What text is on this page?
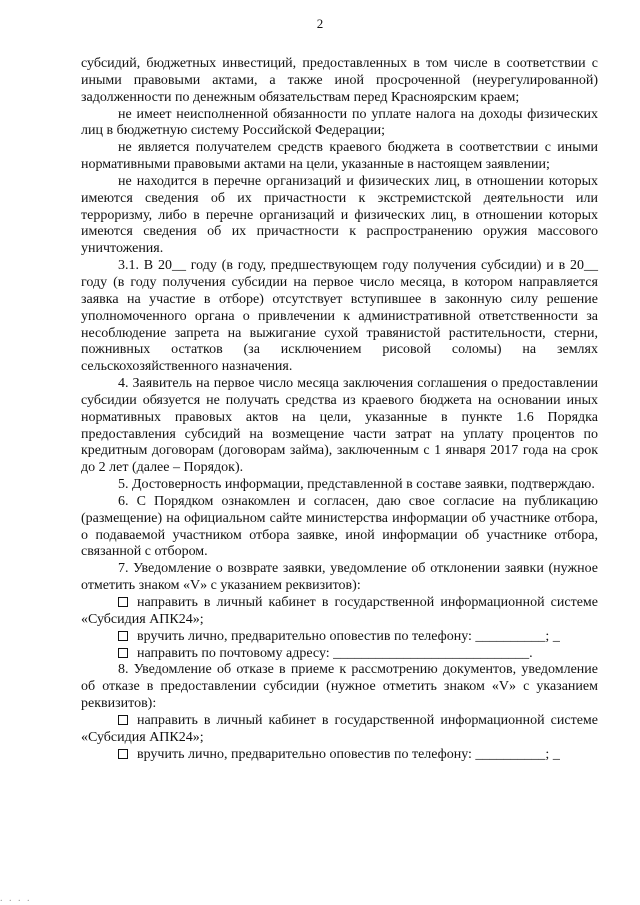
2

субсидий, бюджетных инвестиций, предоставленных в том числе в соответствии с иными правовыми актами, а также иной просроченной (неурегулированной) задолженности по денежным обязательствам перед Красноярским краем;

не имеет неисполненной обязанности по уплате налога на доходы физических лиц в бюджетную систему Российской Федерации;

не является получателем средств краевого бюджета в соответствии с иными нормативными правовыми актами на цели, указанные в настоящем заявлении;

не находится в перечне организаций и физических лиц, в отношении которых имеются сведения об их причастности к экстремистской деятельности или терроризму, либо в перечне организаций и физических лиц, в отношении которых имеются сведения об их причастности к распространению оружия массового уничтожения.

3.1. В 20__ году (в году, предшествующем году получения субсидии) и в 20__ году (в году получения субсидии на первое число месяца, в котором направляется заявка на участие в отборе) отсутствует вступившее в законную силу решение уполномоченного органа о привлечении к административной ответственности за несоблюдение запрета на выжигание сухой травянистой растительности, стерни, пожнивных остатков (за исключением рисовой соломы) на землях сельскохозяйственного назначения.

4. Заявитель на первое число месяца заключения соглашения о предоставлении субсидии обязуется не получать средства из краевого бюджета на основании иных нормативных правовых актов на цели, указанные в пункте 1.6 Порядка предоставления субсидий на возмещение части затрат на уплату процентов по кредитным договорам (договорам займа), заключенным с 1 января 2017 года на срок до 2 лет (далее – Порядок).

5. Достоверность информации, представленной в составе заявки, подтверждаю.

6. С Порядком ознакомлен и согласен, даю свое согласие на публикацию (размещение) на официальном сайте министерства информации об участнике отбора, о подаваемой участником отбора заявке, иной информации об участнике отбора, связанной с отбором.

7. Уведомление о возврате заявки, уведомление об отклонении заявки (нужное отметить знаком «V» с указанием реквизитов):

направить в личный кабинет в государственной информационной системе «Субсидия АПК24»;

вручить лично, предварительно оповестив по телефону: __________; _

направить по почтовому адресу: ____________________________.

8. Уведомление об отказе в приеме к рассмотрению документов, уведомление об отказе в предоставлении субсидии (нужное отметить знаком «V» с указанием реквизитов):

направить в личный кабинет в государственной информационной системе «Субсидия АПК24»;

вручить лично, предварительно оповестив по телефону: __________; _

. . . .
